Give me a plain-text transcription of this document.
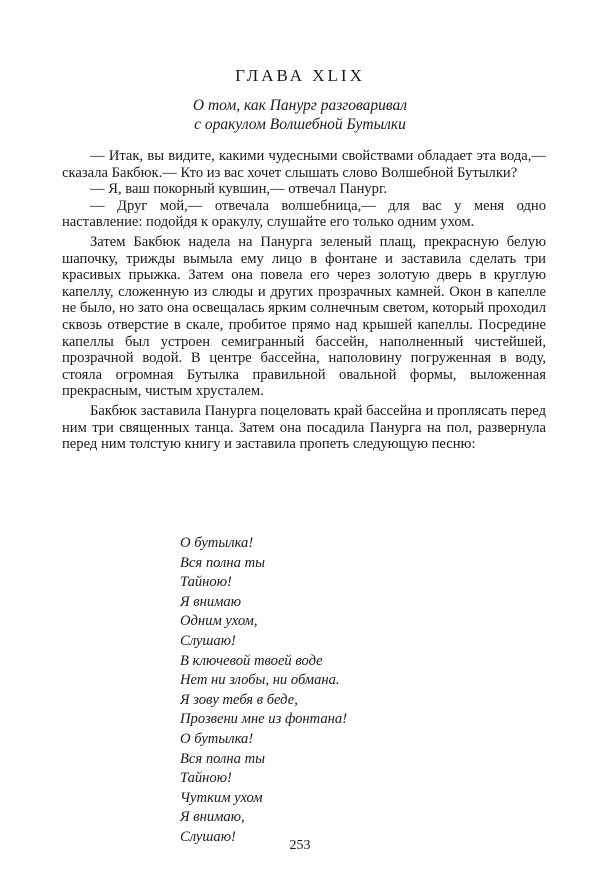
ГЛАВА XLIX
О том, как Панург разговаривал
с оракулом Волшебной Бутылки

— Итак, вы видите, какими чудесными свойствами обладает эта вода,— сказала Бакбюк.— Кто из вас хочет слышать слово Волшебной Бутылки?

— Я, ваш покорный кувшин,— отвечал Панург.

— Друг мой,— отвечала волшебница,— для вас у меня одно наставление: подойдя к оракулу, слушайте его только одним ухом.

Затем Бакбюк надела на Панурга зеленый плащ, прекрасную белую шапочку, трижды вымыла ему лицо в фонтане и заставила сделать три красивых прыжка. Затем она повела его через золотую дверь в круглую капеллу, сложенную из слюды и других прозрачных камней. Окон в капелле не было, но зато она освещалась ярким солнечным светом, который проходил сквозь отверстие в скале, пробитое прямо над крышей капеллы. Посредине капеллы был устроен семигранный бассейн, наполненный чистейшей, прозрачной водой. В центре бассейна, наполовину погруженная в воду, стояла огромная Бутылка правильной овальной формы, выложенная прекрасным, чистым хрусталем.

Бакбюк заставила Панурга поцеловать край бассейна и проплясать перед ним три священных танца. Затем она посадила Панурга на пол, развернула перед ним толстую книгу и заставила пропеть следующую песню:

О бутылка!
Вся полна ты
Тайною!
Я внимаю
Одним ухом,
Слушаю!
В ключевой твоей воде
Нет ни злобы, ни обмана.
Я зову тебя в беде,
Прозвени мне из фонтана!
О бутылка!
Вся полна ты
Тайною!
Чутким ухом
Я внимаю,
Слушаю!
253
